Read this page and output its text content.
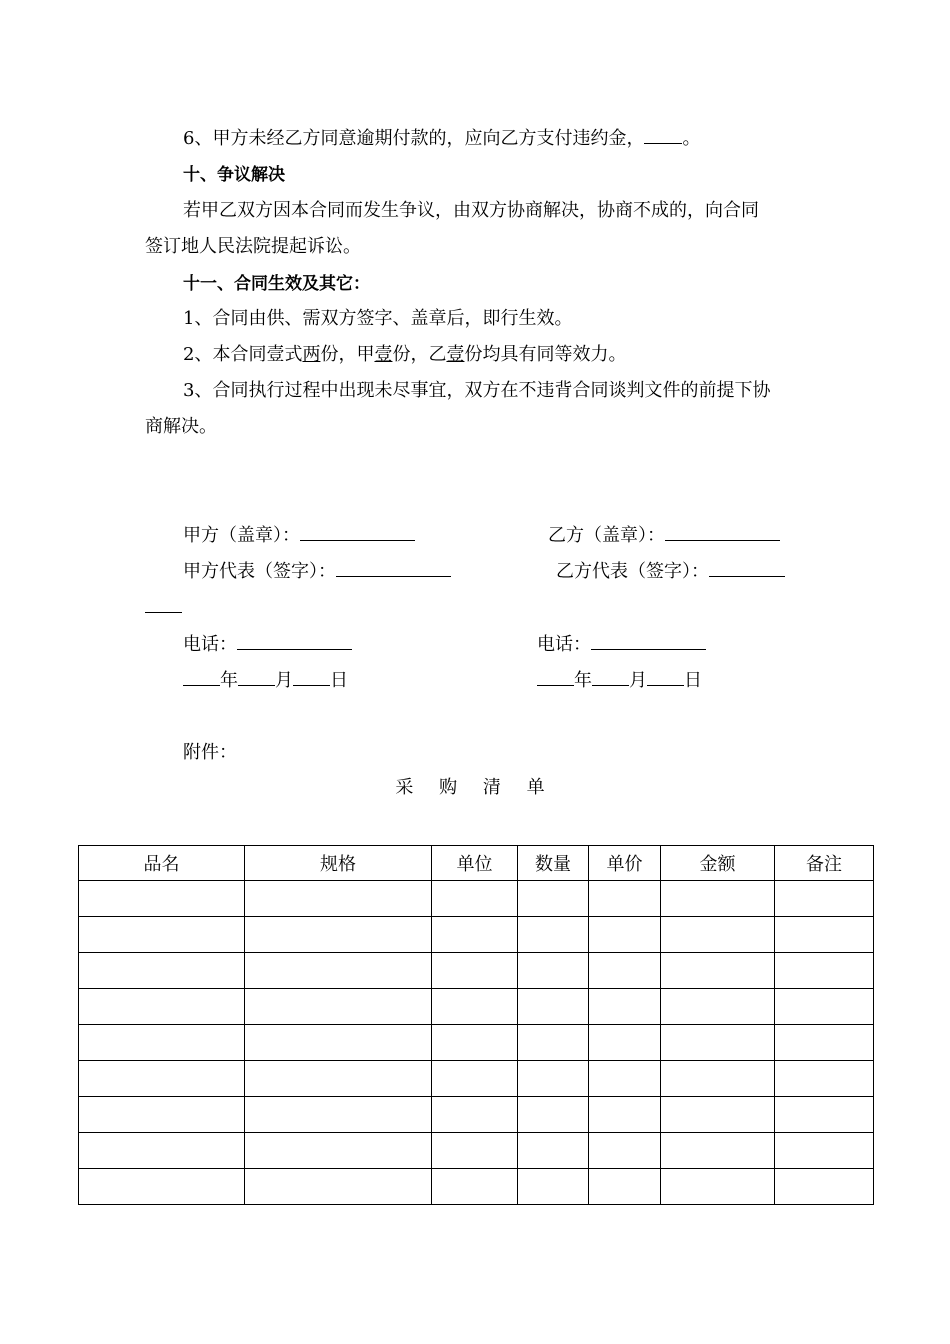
6、甲方未经乙方同意逾期付款的，应向乙方支付违约金， 。
十、争议解决
若甲乙双方因本合同而发生争议，由双方协商解决，协商不成的，向合同
签订地人民法院提起诉讼。
十一、合同生效及其它：
1、合同由供、需双方签字、盖章后，即行生效。
2、本合同壹式两份，甲壹份，乙壹份均具有同等效力。
3、合同执行过程中出现未尽事宜，双方在不违背合同谈判文件的前提下协
商解决。
甲方（盖章）：	乙方（盖章）：
甲方代表（签字）：	乙方代表（签字）：
电话：	电话：
年 月 日	年 月 日
附件：
采 购 清 单
品名	规格	单位	数量	单价	金额	备注
